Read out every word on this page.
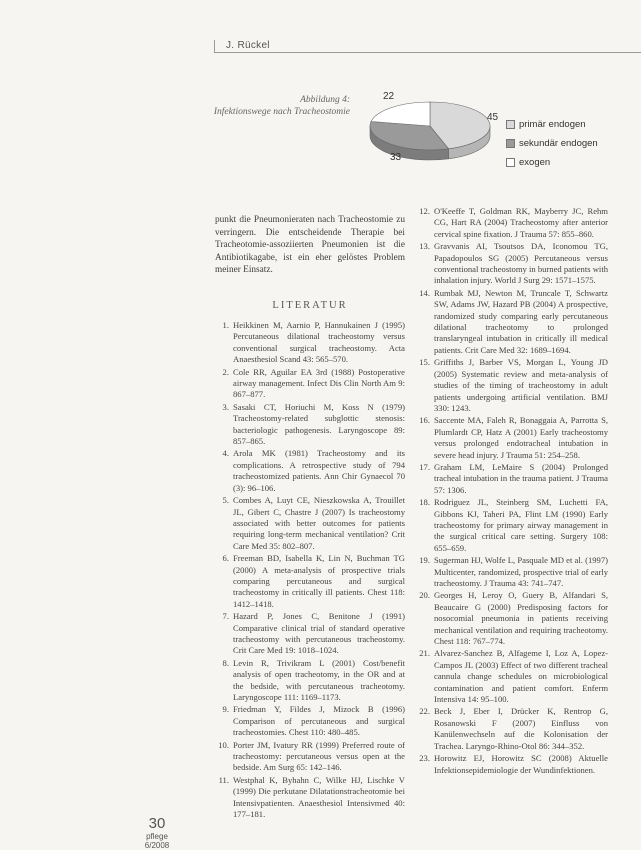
J. Rückel
Abbildung 4:
Infektionswege nach Tracheostomie	45
33
22
primär endogen
sekundär endogen
exogen
punkt die Pneumonieraten nach Tracheostomie zu verringern. Die entscheidende Therapie bei Tracheotomie-assoziierten Pneumonien ist die Antibiotikagabe, ist ein eher gelöstes Problem meiner Einsatz.
LITERATUR
1. Heikkinen M, Aarnio P, Hannukainen J (1995) Percutaneous dilational tracheostomy versus conventional surgical tracheostomy. Acta Anaesthesiol Scand 43: 565–570.
2. Cole RR, Aguilar EA 3rd (1988) Postoperative airway management. Infect Dis Clin North Am 9: 867–877.
3. Sasaki CT, Horiuchi M, Koss N (1979) Tracheostomy-related subglottic stenosis: bacteriologic pathogenesis. Laryngoscope 89: 857–865.
4. Arola MK (1981) Tracheostomy and its complications. A retrospective study of 794 tracheostomized patients. Ann Chir Gynaecol 70 (3): 96–106.
5. Combes A, Luyt CE, Nieszkowska A, Trouillet JL, Gibert C, Chastre J (2007) Is tracheostomy associated with better outcomes for patients requiring long-term mechanical ventilation? Crit Care Med 35: 802–807.
6. Freeman BD, Isabella K, Lin N, Buchman TG (2000) A meta-analysis of prospective trials comparing percutaneous and surgical tracheostomy in critically ill patients. Chest 118: 1412–1418.
7. Hazard P, Jones C, Benitone J (1991) Comparative clinical trial of standard operative tracheostomy with percutaneous tracheostomy. Crit Care Med 19: 1018–1024.
8. Levin R, Trivikram L (2001) Cost/benefit analysis of open tracheotomy, in the OR and at the bedside, with percutaneous tracheotomy. Laryngoscope 111: 1169–1173.
9. Friedman Y, Fildes J, Mizock B (1996) Comparison of percutaneous and surgical tracheostomies. Chest 110: 480–485.
10. Porter JM, Ivatury RR (1999) Preferred route of tracheostomy: percutaneous versus open at the bedside. Am Surg 65: 142–146.
11. Westphal K, Byhahn C, Wilke HJ, Lischke V (1999) Die perkutane Dilatationstracheotomie bei Intensivpatienten. Anaesthesiol Intensivmed 40: 177–181.
12. O'Keeffe T, Goldman RK, Mayberry JC, Rehm CG, Hart RA (2004) Tracheostomy after anterior cervical spine fixation. J Trauma 57: 855–860.
13. Gravvanis AI, Tsoutsos DA, Iconomou TG, Papadopoulos SG (2005) Percutaneous versus conventional tracheostomy in burned patients with inhalation injury. World J Surg 29: 1571–1575.
14. Rumbak MJ, Newton M, Truncale T, Schwartz SW, Adams JW, Hazard PB (2004) A prospective, randomized study comparing early percutaneous dilational tracheotomy to prolonged translaryngeal intubation in critically ill medical patients. Crit Care Med 32: 1689–1694.
15. Griffiths J, Barber VS, Morgan L, Young JD (2005) Systematic review and meta-analysis of studies of the timing of tracheostomy in adult patients undergoing artificial ventilation. BMJ 330: 1243.
16. Saccente MA, Faleh R, Bonaggaia A, Parrotta S, Plumlardt CP, Hatz A (2001) Early tracheostomy versus prolonged endotracheal intubation in severe head injury. J Trauma 51: 254–258.
17. Graham LM, LeMaire S (2004) Prolonged tracheal intubation in the trauma patient. J Trauma 57: 1306.
18. Rodriguez JL, Steinberg SM, Luchetti FA, Gibbons KJ, Taheri PA, Flint LM (1990) Early tracheostomy for primary airway management in the surgical critical care setting. Surgery 108: 655–659.
19. Sugerman HJ, Wolfe L, Pasquale MD et al. (1997) Multicenter, randomized, prospective trial of early tracheostomy. J Trauma 43: 741–747.
20. Georges H, Leroy O, Guery B, Alfandari S, Beaucaire G (2000) Predisposing factors for nosocomial pneumonia in patients receiving mechanical ventilation and requiring tracheotomy. Chest 118: 767–774.
21. Alvarez-Sanchez B, Alfageme I, Loz A, Lopez-Campos JL (2003) Effect of two different tracheal cannula change schedules on microbiological contamination and patient comfort. Enferm Intensiva 14: 95–100.
22. Beck J, Eber I, Drücker K, Rentrop G, Rosanowski F (2007) Einfluss von Kanülenwechseln auf die Kolonisation der Trachea. Laryngo-Rhino-Otol 86: 344–352.
23. Horowitz EJ, Horowitz SC (2008) Aktuelle Infektionsepidemiologie der Wundinfektionen.
30
pflege
6/2008
